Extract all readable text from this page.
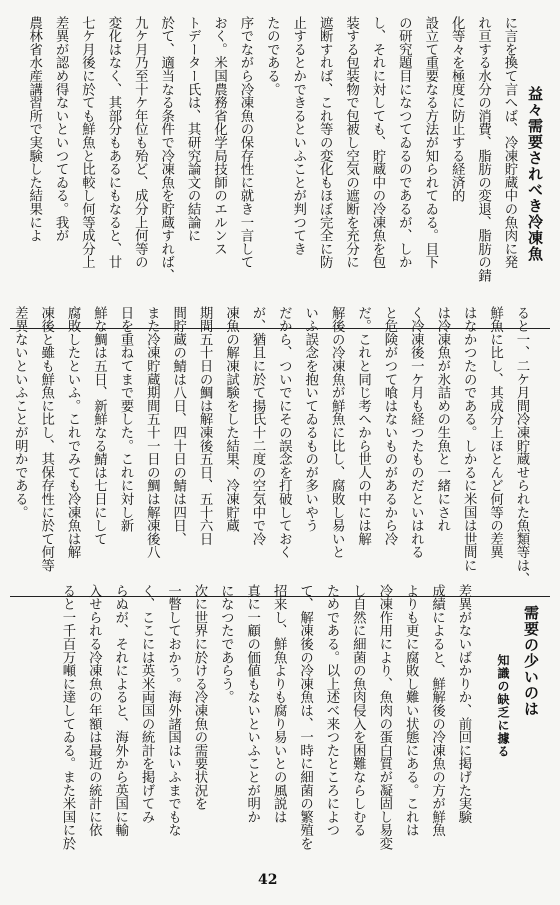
益々需要されべき冷凍魚
に言を換て言へば、冷凍貯蔵中の魚肉に発
れ亘する水分の消費、脂肪の変退、脂肪の錆
化等々を極度に防止する経済的
設立て重要なる方法が知られてゐる。目下
の研究題目になつてゐるのであるが、しか
し、それに対しても、貯蔵中の冷凍魚を包
装する包装物で包被し空気の遮断を充分に
遮断すれば、これ等の変化もほぼ完全に防
止するとかできるといふことが判つてき
たのである。
序でながら冷凍魚の保存性に就き一言して
おく。米国農務省化学局技師のエルンス
トデーター氏は、其研究論文の結論に
於て、適当なる条件で冷凍魚を貯蔵すれば、
九ケ月乃至十ケ年位も殆ど、成分上何等の
変化はなく、其部分もあるにもなると、廿
七ケ月後に於ても鮮魚と比較し何等成分上
差異が認め得ないといつてゐる。我が
農林省水産講習所で実験した結果によ
ると一、二ケ月間冷凍貯蔵せられた魚類等は、
鮮魚に比し、其成分上ほとんど何等の差異
はなかつたのである。しかるに米国は世間に
は冷凍魚が氷詰めの生魚と一緒にされ
く冷凍後一ケ月も経つたものだといはれる
と危険がつて喰はないものがあるから冷
だ。これと同じ考へから世人の中には解
解後の冷凍魚が鮮魚に比し、腐敗し易いと
いふ誤念を抱いてゐるものが多いやう
だから、ついでにその誤念を打破しておく
が、猶且に於て揚氏十二度の空気中で冷
凍魚の解凍試験をした結果、冷凍貯蔵
期間五十日の鯛は解凍後五日、五十六日
間貯蔵の鯖は八日、四十日の鯖は四日、
また冷凍貯蔵期間五十一日の鯛は解凍後八
日を重ねてまで要した。これに対し新
鮮な鯛は五日、新鮮なる鯖は七日にして
腐敗したといふ。これでみても冷凍魚は解
凍後と雖も鮮魚に比し、其保存性に於て何等
差異ないといふことが明かである。
需要の少いのは
知識の缺乏に據る
差異がないばかりか、前回に掲げた実験
成績によると、鮮解後の冷凍魚の方が鮮魚
よりも更に腐敗し難い状態にある。これは
冷凍作用により、魚肉の蛋白質が凝固し易変
し自然に細菌の魚肉侵入を困難ならしむる
ためである。以上述べ来つたところによつ
て、解凍後の冷凍魚は、一時に細菌の繁殖を
招来し、鮮魚よりも腐り易いとの風説は
真に一顧の価値もないといふことが明か
になつたであらう。
次に世界に於ける冷凍魚の需要状況を
一瞥しておかう。海外諸国はいふまでもな
く、ここには英米両国の統計を掲げてみ
らぬが、それによると、海外から英国に輸
入せられる冷凍魚の年額は最近の統計に依
ると一千百万噸に達してゐる。また米国に於
42
